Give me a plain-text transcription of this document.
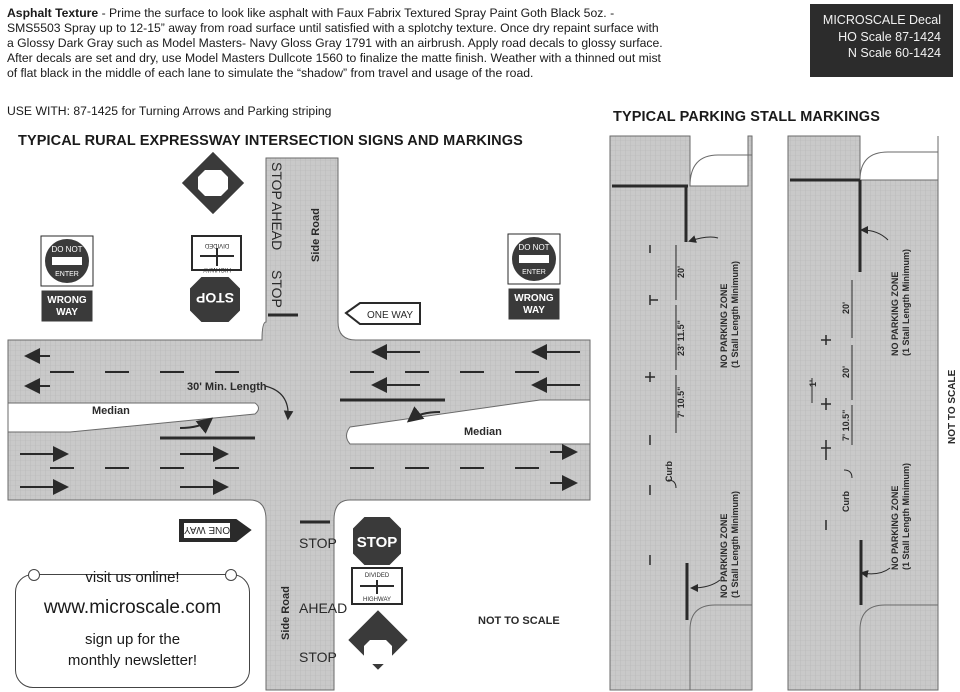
Asphalt Texture - Prime the surface to look like asphalt with Faux Fabrix Textured Spray Paint Goth Black 5oz. - SMS5503 Spray up to 12-15” away from road surface until satisfied with a splotchy texture. Once dry repaint surface with a Glossy Dark Gray such as Model Masters- Navy Gloss Gray 1791 with an airbrush. Apply road decals to glossy surface. After decals are set and dry, use Model Masters Dullcote 1560 to finalize the matte finish. Weather with a thinned out mist of flat black in the middle of each lane to simulate the “shadow” from travel and usage of the road.

MICROSCALE Decal
HO Scale 87-1424
N Scale 60-1424

USE WITH: 87-1425 for Turning Arrows and Parking striping

TYPICAL RURAL EXPRESSWAY INTERSECTION SIGNS AND MARKINGS

TYPICAL PARKING STALL MARKINGS

Side Road
Side Road
STOP
AHEAD
STOP
STOP
AHEAD
STOP
30' Min. Length
Median
Median
NOT TO SCALE
DIVIDED
HIGHWAY
STOP
DO NOT
ENTER
WRONG
WAY
DO NOT
ENTER
WRONG
WAY
ONE WAY
ONE WAY
STOP
DIVIDED
HIGHWAY
20'
23' 11.5"
7' 10.5"
Curb
NO PARKING ZONE (1 Stall Length Minimum)
NO PARKING ZONE (1 Stall Length Minimum)
20'
20'
1'
7' 10.5"
Curb
NO PARKING ZONE (1 Stall Length Minimum)
NO PARKING ZONE (1 Stall Length Minimum)
NOT TO SCALE
visit us online!
www.microscale.com
sign up for the
monthly newsletter!
